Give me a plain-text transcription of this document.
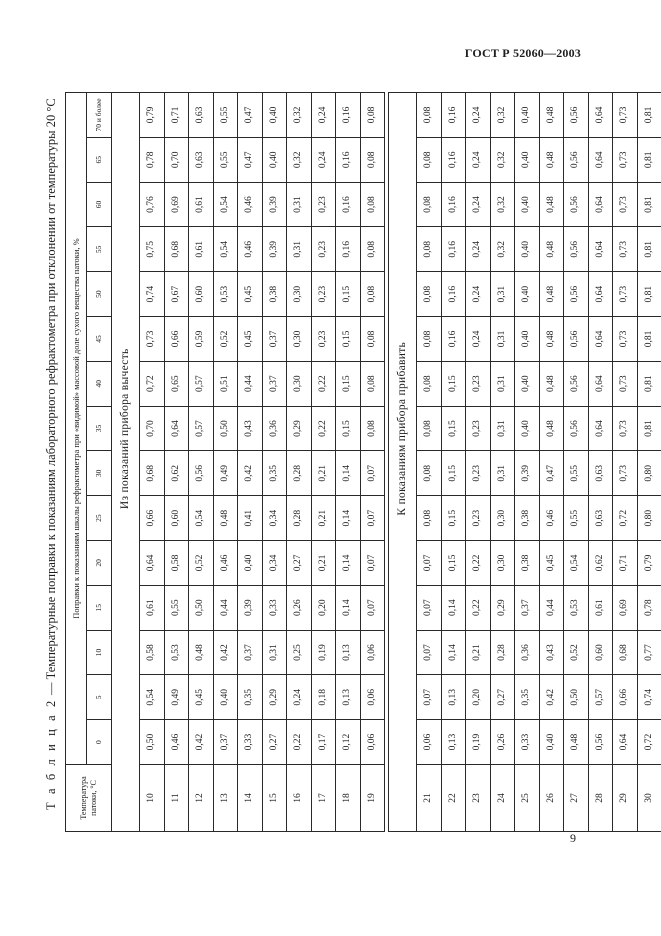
ГОСТ Р 52060—2003
Т а б л и ц а 2 — Температурные поправки к показаниям лабораторного рефрактометра при отклонении от температуры 20 °С
Температура патоки, °С	Поправки к показаниям шкалы рефрактометра при «видимой» массовой доле сухого вещества патоки, %														
	0	5	10	15	20	25	30	35	40	45	50	55	60	65	70 и более
	Из показаний прибора вычесть														
10	0,50	0,54	0,58	0,61	0,64	0,66	0,68	0,70	0,72	0,73	0,74	0,75	0,76	0,78	0,79
11	0,46	0,49	0,53	0,55	0,58	0,60	0,62	0,64	0,65	0,66	0,67	0,68	0,69	0,70	0,71
12	0,42	0,45	0,48	0,50	0,52	0,54	0,56	0,57	0,57	0,59	0,60	0,61	0,61	0,63	0,63
13	0,37	0,40	0,42	0,44	0,46	0,48	0,49	0,50	0,51	0,52	0,53	0,54	0,54	0,55	0,55
14	0,33	0,35	0,37	0,39	0,40	0,41	0,42	0,43	0,44	0,45	0,45	0,46	0,46	0,47	0,47
15	0,27	0,29	0,31	0,33	0,34	0,34	0,35	0,36	0,37	0,37	0,38	0,39	0,39	0,40	0,40
16	0,22	0,24	0,25	0,26	0,27	0,28	0,28	0,29	0,30	0,30	0,30	0,31	0,31	0,32	0,32
17	0,17	0,18	0,19	0,20	0,21	0,21	0,21	0,22	0,22	0,23	0,23	0,23	0,23	0,24	0,24
18	0,12	0,13	0,13	0,14	0,14	0,14	0,14	0,15	0,15	0,15	0,15	0,16	0,16	0,16	0,16
19	0,06	0,06	0,06	0,07	0,07	0,07	0,07	0,08	0,08	0,08	0,08	0,08	0,08	0,08	0,08

	К показаниям прибора прибавить														
21	0,06	0,07	0,07	0,07	0,07	0,08	0,08	0,08	0,08	0,08	0,08	0,08	0,08	0,08	0,08
22	0,13	0,13	0,14	0,14	0,15	0,15	0,15	0,15	0,15	0,16	0,16	0,16	0,16	0,16	0,16
23	0,19	0,20	0,21	0,22	0,22	0,23	0,23	0,23	0,23	0,24	0,24	0,24	0,24	0,24	0,24
24	0,26	0,27	0,28	0,29	0,30	0,30	0,31	0,31	0,31	0,31	0,31	0,32	0,32	0,32	0,32
25	0,33	0,35	0,36	0,37	0,38	0,38	0,39	0,40	0,40	0,40	0,40	0,40	0,40	0,40	0,40
26	0,40	0,42	0,43	0,44	0,45	0,46	0,47	0,48	0,48	0,48	0,48	0,48	0,48	0,48	0,48
27	0,48	0,50	0,52	0,53	0,54	0,55	0,55	0,56	0,56	0,56	0,56	0,56	0,56	0,56	0,56
28	0,56	0,57	0,60	0,61	0,62	0,63	0,63	0,64	0,64	0,64	0,64	0,64	0,64	0,64	0,64
29	0,64	0,66	0,68	0,69	0,71	0,72	0,73	0,73	0,73	0,73	0,73	0,73	0,73	0,73	0,73
30	0,72	0,74	0,77	0,78	0,79	0,80	0,80	0,81	0,81	0,81	0,81	0,81	0,81	0,81	0,81
9
